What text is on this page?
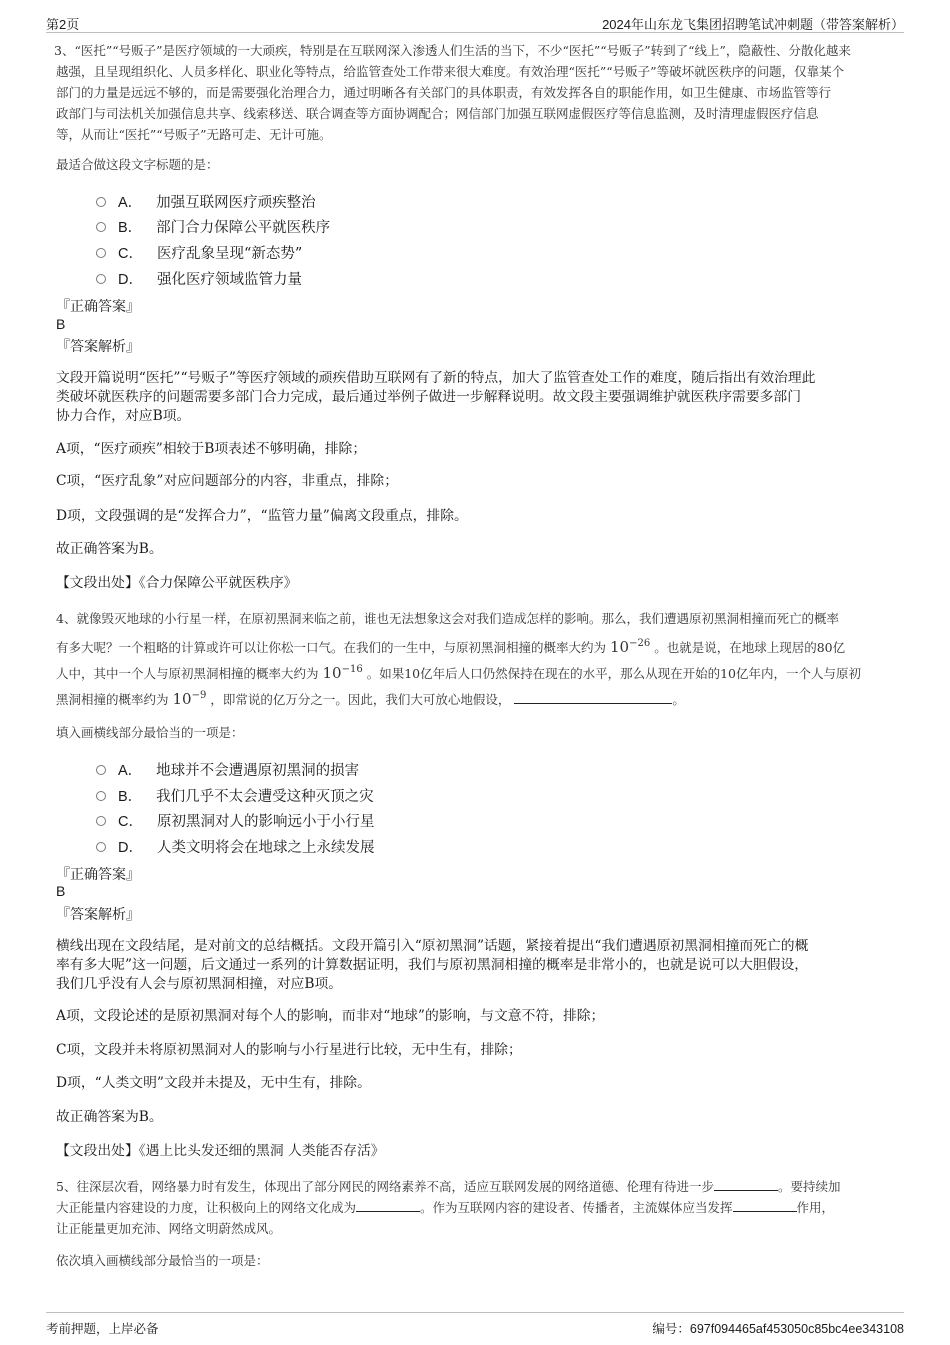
第2页	2024年山东龙飞集团招聘笔试冲刺题（带答案解析）
3、“医托”“号贩子”是医疗领域的一大顽疾，特别是在互联网深入渗透人们生活的当下，不少“医托”“号贩子”转到了“线上”，隐蔽性、分散化越来
越强，且呈现组织化、人员多样化、职业化等特点，给监管查处工作带来很大难度。有效治理“医托”“号贩子”等破坏就医秩序的问题，仅靠某个
部门的力量是远远不够的，而是需要强化治理合力，通过明晰各有关部门的具体职责，有效发挥各自的职能作用，如卫生健康、市场监管等行
政部门与司法机关加强信息共享、线索移送、联合调查等方面协调配合；网信部门加强互联网虚假医疗等信息监测，及时清理虚假医疗信息
等，从而让“医托”“号贩子”无路可走、无计可施。
最适合做这段文字标题的是：
A． 加强互联网医疗顽疾整治
B． 部门合力保障公平就医秩序
C． 医疗乱象呈现“新态势”
D． 强化医疗领域监管力量
『正确答案』
B
『答案解析』
文段开篇说明“医托”“号贩子”等医疗领域的顽疾借助互联网有了新的特点，加大了监管查处工作的难度，随后指出有效治理此
类破坏就医秩序的问题需要多部门合力完成，最后通过举例子做进一步解释说明。故文段主要强调维护就医秩序需要多部门
协力合作，对应B项。
A项，“医疗顽疾”相较于B项表述不够明确，排除；
C项，“医疗乱象”对应问题部分的内容，非重点，排除；
D项，文段强调的是“发挥合力”，“监管力量”偏离文段重点，排除。
故正确答案为B。
【文段出处】《合力保障公平就医秩序》
4、就像毁灭地球的小行星一样，在原初黑洞来临之前，谁也无法想象这会对我们造成怎样的影响。那么，我们遭遇原初黑洞相撞而死亡的概率
有多大呢？一个粗略的计算或许可以让你松一口气。在我们的一生中，与原初黑洞相撞的概率大约为 $10^{-26}$ 。也就是说，在地球上现居的80亿
人中，其中一个人与原初黑洞相撞的概率大约为 $10^{-16}$ 。如果10亿年后人口仍然保持在现在的水平，那么从现在开始的10亿年内，一个人与原初
黑洞相撞的概率约为 $10^{-9}$ ，即常说的亿万分之一。因此，我们大可放心地假设，	。
填入画横线部分最恰当的一项是：
A． 地球并不会遭遇原初黑洞的损害
B． 我们几乎不太会遭受这种灭顶之灾
C． 原初黑洞对人的影响远小于小行星
D． 人类文明将会在地球之上永续发展
『正确答案』
B
『答案解析』
横线出现在文段结尾，是对前文的总结概括。文段开篇引入“原初黑洞”话题，紧接着提出“我们遭遇原初黑洞相撞而死亡的概
率有多大呢”这一问题，后文通过一系列的计算数据证明，我们与原初黑洞相撞的概率是非常小的，也就是说可以大胆假设，
我们几乎没有人会与原初黑洞相撞，对应B项。
A项，文段论述的是原初黑洞对每个人的影响，而非对“地球”的影响，与文意不符，排除；
C项，文段并未将原初黑洞对人的影响与小行星进行比较，无中生有，排除；
D项，“人类文明”文段并未提及，无中生有，排除。
故正确答案为B。
【文段出处】《遇上比头发还细的黑洞 人类能否存活》
5、往深层次看，网络暴力时有发生，体现出了部分网民的网络素养不高，适应互联网发展的网络道德、伦理有待进一步	。要持续加
大正能量内容建设的力度，让积极向上的网络文化成为	。作为互联网内容的建设者、传播者，主流媒体应当发挥	作用，
让正能量更加充沛、网络文明蔚然成风。
依次填入画横线部分最恰当的一项是：
考前押题，上岸必备	编号：697f094465af453050c85bc4ee343108
